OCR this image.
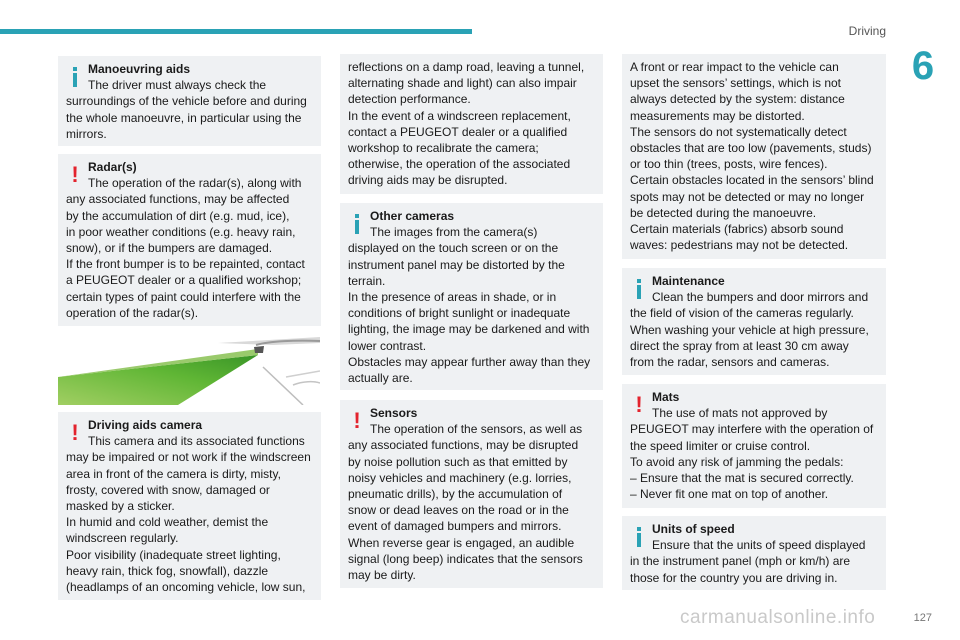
Driving
6
Manoeuvring aids
The driver must always check the
surroundings of the vehicle before and during
the whole manoeuvre, in particular using the
mirrors.
! Radar(s)
The operation of the radar(s), along with
any associated functions, may be affected
by the accumulation of dirt (e.g. mud, ice),
in poor weather conditions (e.g. heavy rain,
snow), or if the bumpers are damaged.
If the front bumper is to be repainted, contact
a PEUGEOT dealer or a qualified workshop;
certain types of paint could interfere with the
operation of the radar(s).
! Driving aids camera
This camera and its associated functions
may be impaired or not work if the windscreen
area in front of the camera is dirty, misty,
frosty, covered with snow, damaged or
masked by a sticker.
In humid and cold weather, demist the
windscreen regularly.
Poor visibility (inadequate street lighting,
heavy rain, thick fog, snowfall), dazzle
(headlamps of an oncoming vehicle, low sun,
reflections on a damp road, leaving a tunnel,
alternating shade and light) can also impair
detection performance.
In the event of a windscreen replacement,
contact a PEUGEOT dealer or a qualified
workshop to recalibrate the camera;
otherwise, the operation of the associated
driving aids may be disrupted.
Other cameras
The images from the camera(s)
displayed on the touch screen or on the
instrument panel may be distorted by the
terrain.
In the presence of areas in shade, or in
conditions of bright sunlight or inadequate
lighting, the image may be darkened and with
lower contrast.
Obstacles may appear further away than they
actually are.
! Sensors
The operation of the sensors, as well as
any associated functions, may be disrupted
by noise pollution such as that emitted by
noisy vehicles and machinery (e.g. lorries,
pneumatic drills), by the accumulation of
snow or dead leaves on the road or in the
event of damaged bumpers and mirrors.
When reverse gear is engaged, an audible
signal (long beep) indicates that the sensors
may be dirty.
A front or rear impact to the vehicle can
upset the sensors’ settings, which is not
always detected by the system: distance
measurements may be distorted.
The sensors do not systematically detect
obstacles that are too low (pavements, studs)
or too thin (trees, posts, wire fences).
Certain obstacles located in the sensors’ blind
spots may not be detected or may no longer
be detected during the manoeuvre.
Certain materials (fabrics) absorb sound
waves: pedestrians may not be detected.
Maintenance
Clean the bumpers and door mirrors and
the field of vision of the cameras regularly.
When washing your vehicle at high pressure,
direct the spray from at least 30 cm away
from the radar, sensors and cameras.
! Mats
The use of mats not approved by
PEUGEOT may interfere with the operation of
the speed limiter or cruise control.
To avoid any risk of jamming the pedals:
– Ensure that the mat is secured correctly.
– Never fit one mat on top of another.
Units of speed
Ensure that the units of speed displayed
in the instrument panel (mph or km/h) are
those for the country you are driving in.
carmanualsonline.info	127
